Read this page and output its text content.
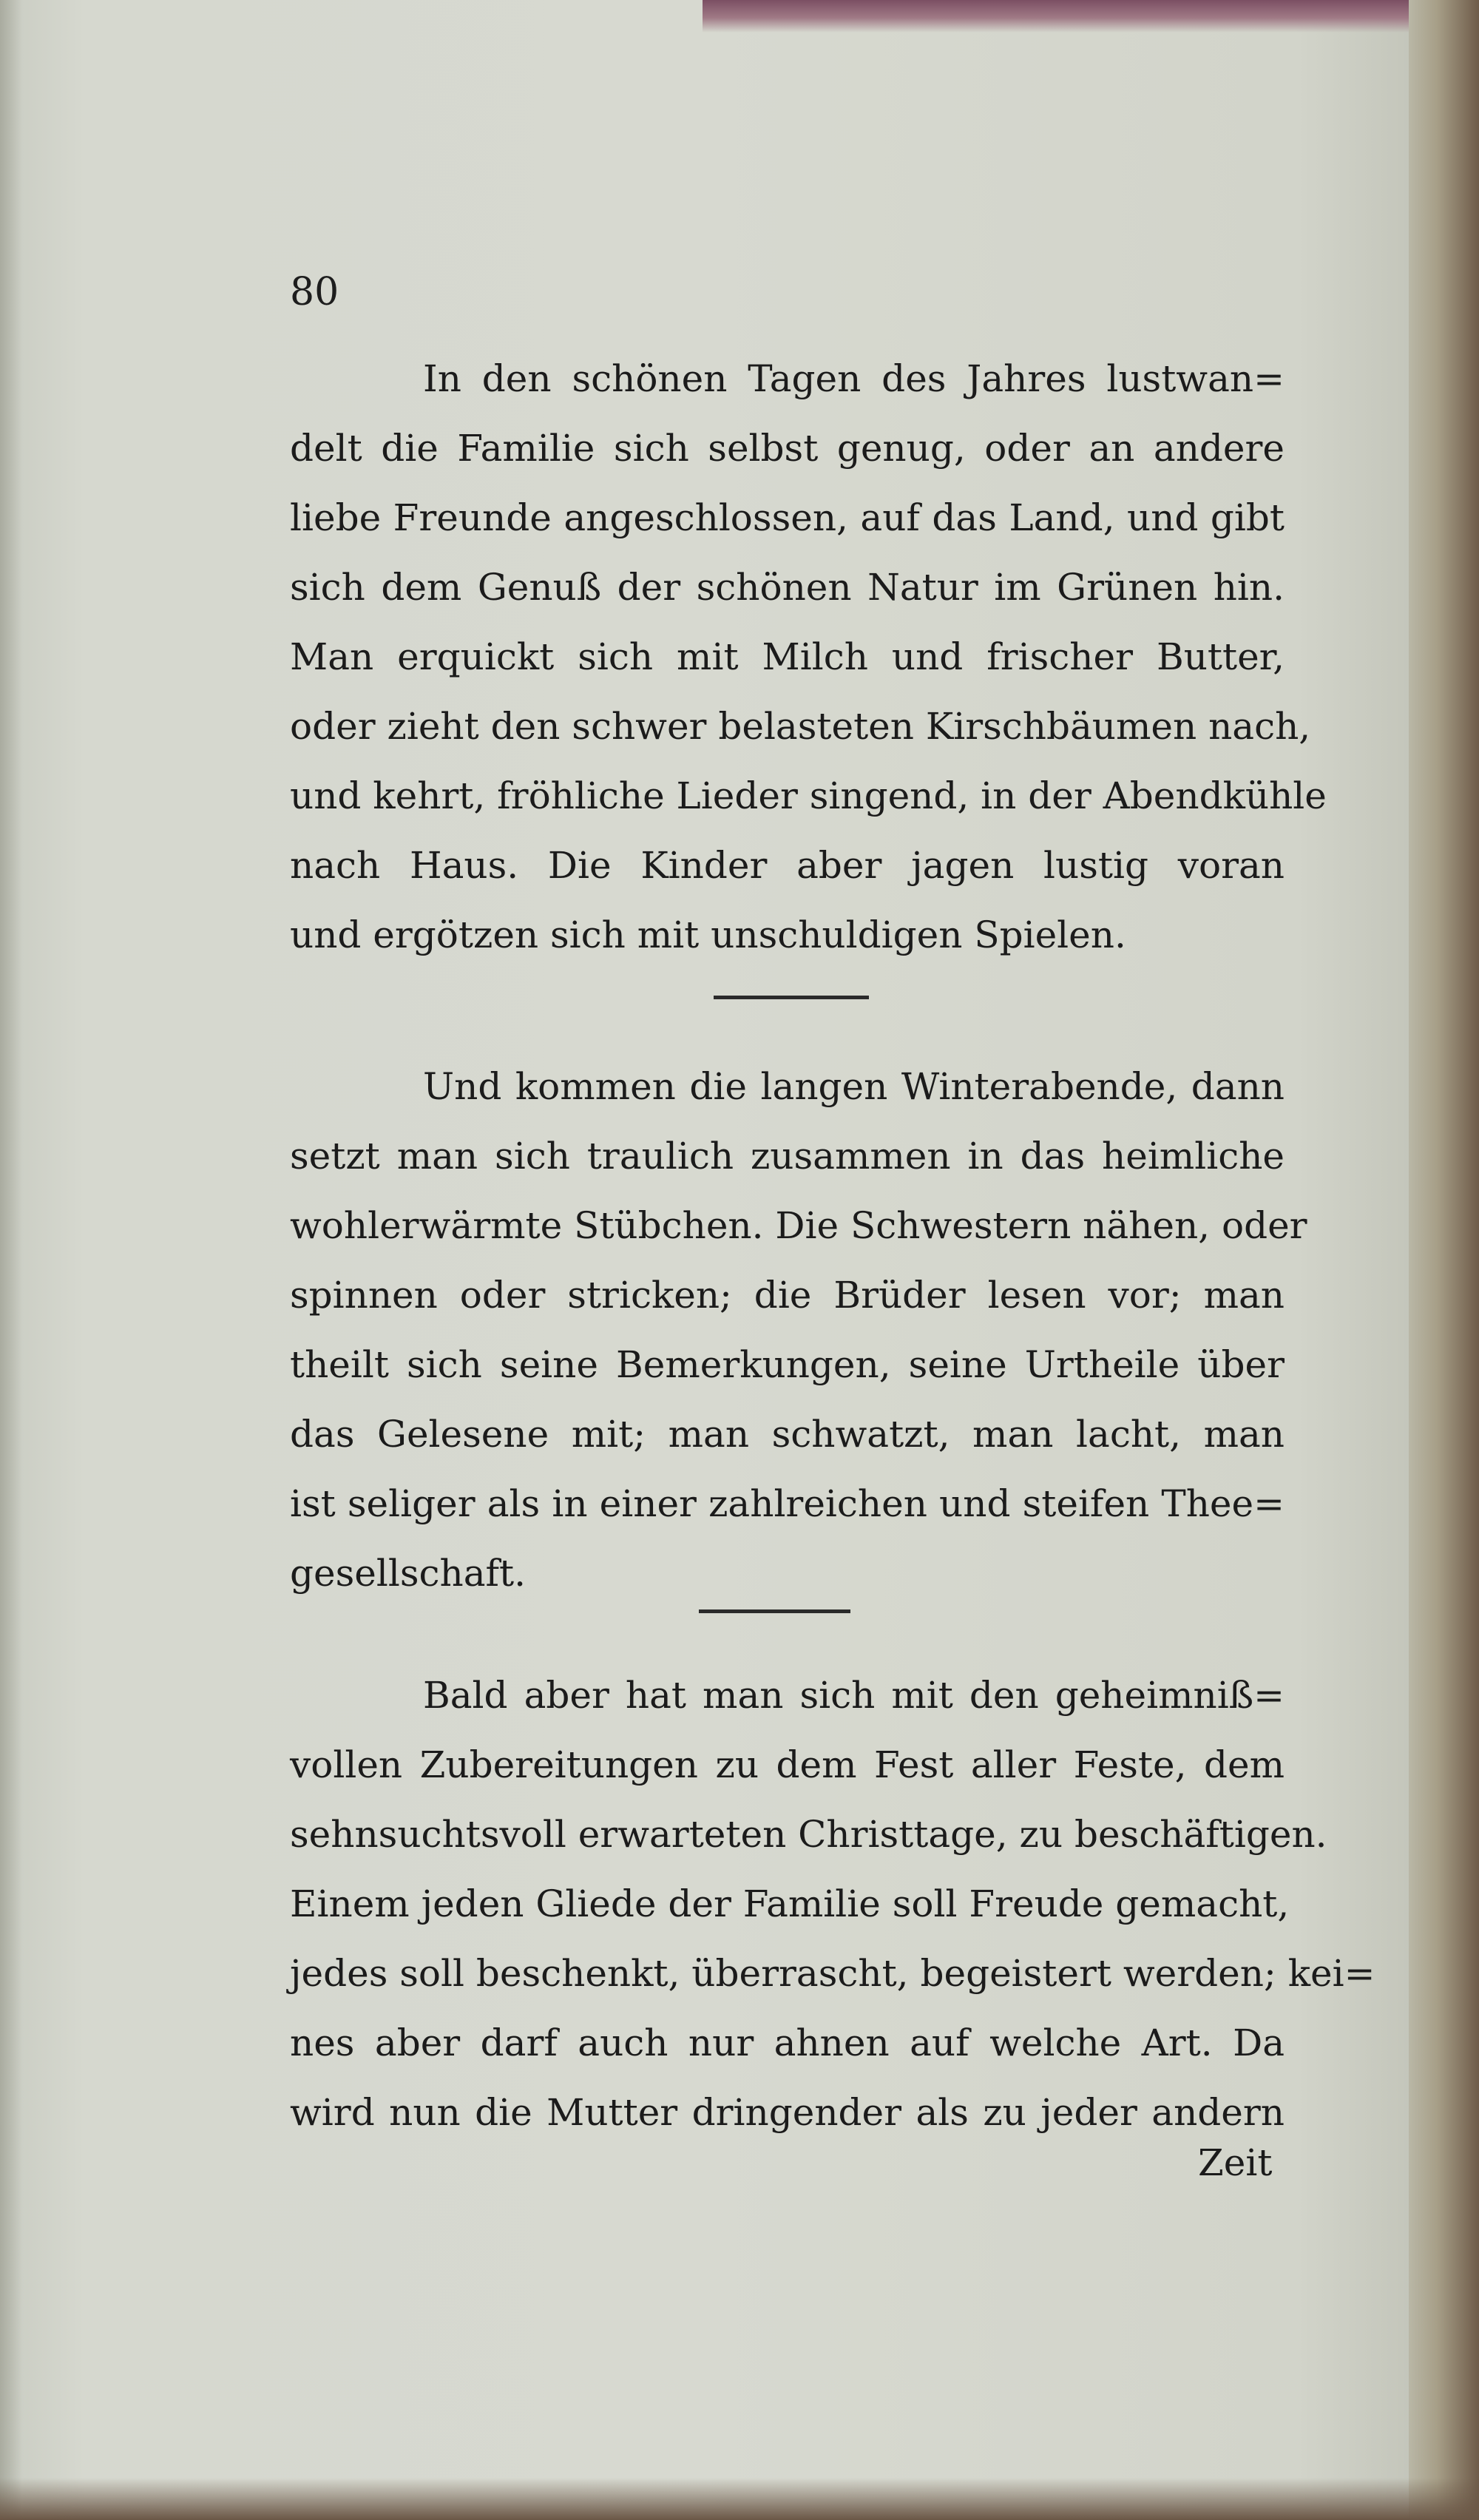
80
In den schönen Tagen des Jahres lustwan=
delt die Familie sich selbst genug, oder an andere
liebe Freunde angeschlossen, auf das Land, und gibt
sich dem Genuß der schönen Natur im Grünen hin.
Man erquickt sich mit Milch und frischer Butter,
oder zieht den schwer belasteten Kirschbäumen nach,
und kehrt, fröhliche Lieder singend, in der Abendkühle
nach Haus. Die Kinder aber jagen lustig voran
und ergötzen sich mit unschuldigen Spielen.
Und kommen die langen Winterabende, dann
setzt man sich traulich zusammen in das heimliche
wohlerwärmte Stübchen. Die Schwestern nähen, oder
spinnen oder stricken; die Brüder lesen vor; man
theilt sich seine Bemerkungen, seine Urtheile über
das Gelesene mit; man schwatzt, man lacht, man
ist seliger als in einer zahlreichen und steifen Thee=
gesellschaft.
Bald aber hat man sich mit den geheimniß=
vollen Zubereitungen zu dem Fest aller Feste, dem
sehnsuchtsvoll erwarteten Christtage, zu beschäftigen.
Einem jeden Gliede der Familie soll Freude gemacht,
jedes soll beschenkt, überrascht, begeistert werden; kei=
nes aber darf auch nur ahnen auf welche Art. Da
wird nun die Mutter dringender als zu jeder andern
Zeit
